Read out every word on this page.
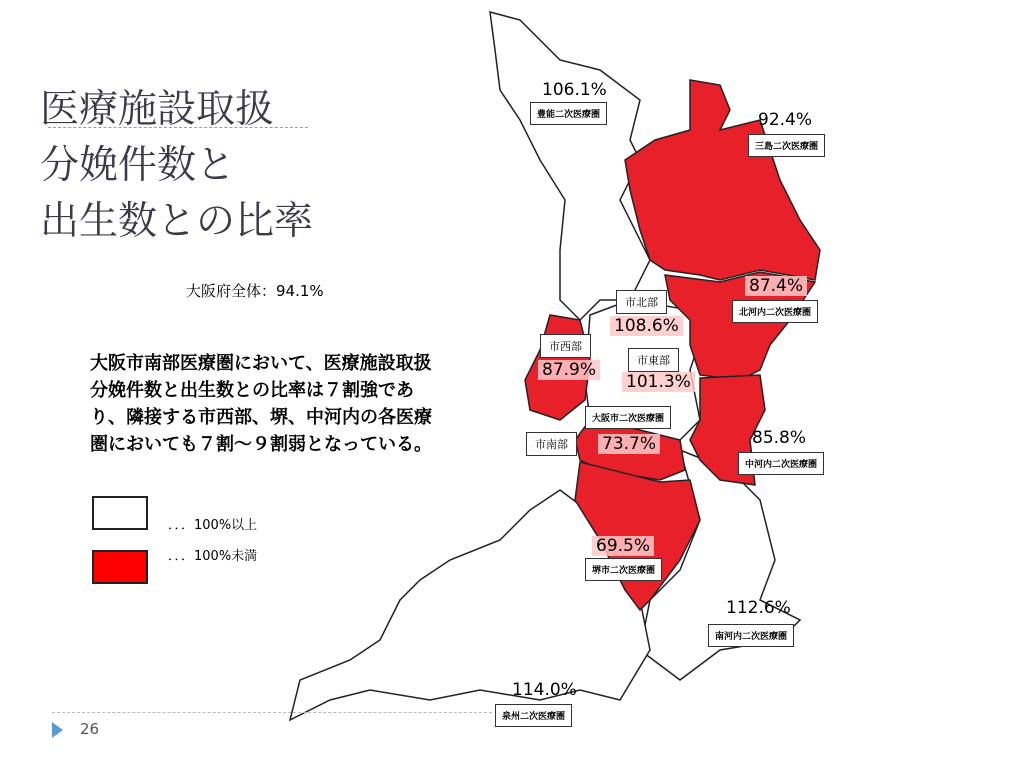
医療施設取扱
分娩件数と
出生数との比率
大阪府全体：94.1%
大阪市南部医療圏において、医療施設取扱分娩件数と出生数との比率は７割強であり、隣接する市西部、堺、中河内の各医療圏においても７割～９割弱となっている。
．．．100%以上
．．．100%未満
106.1%
92.4%
87.4%
101.3%
85.8%
69.5%
112.6%
114.0%
108.6%
87.9%
73.7%
豊能二次医療圏
三島二次医療圏
北河内二次医療圏
大阪市二次医療圏
中河内二次医療圏
堺市二次医療圏
南河内二次医療圏
泉州二次医療圏
市北部
市西部
市東部
市南部
26
